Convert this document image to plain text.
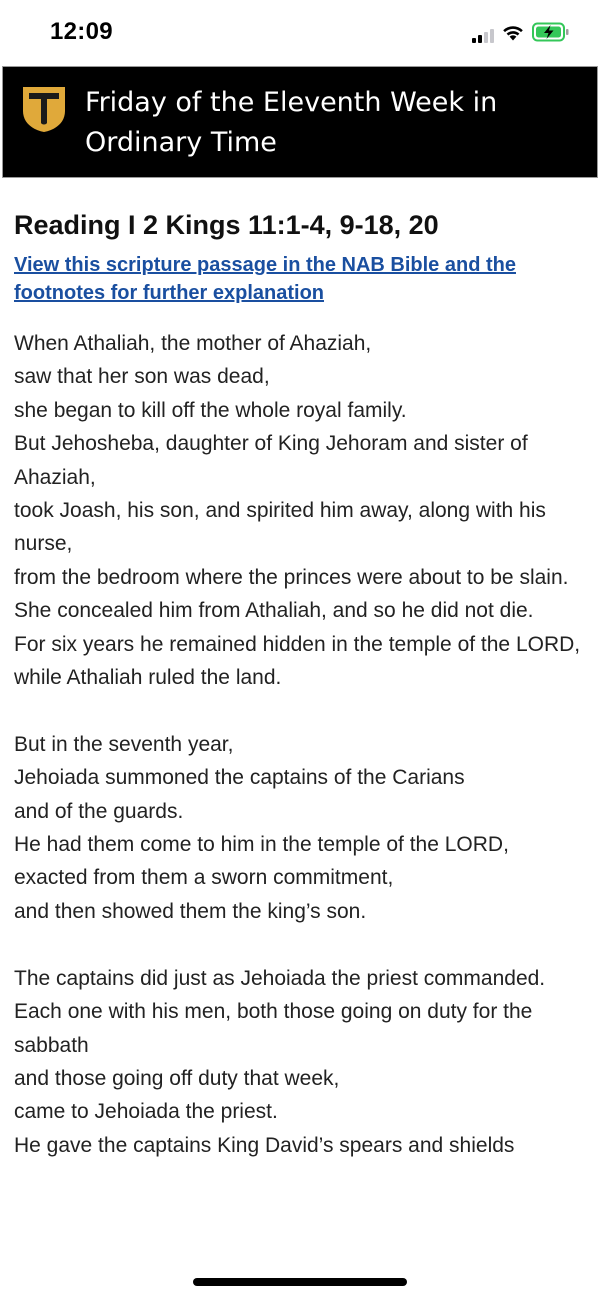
12:09
Friday of the Eleventh Week in Ordinary Time
Reading I 2 Kings 11:1-4, 9-18, 20
View this scripture passage in the NAB Bible and the footnotes for further explanation
When Athaliah, the mother of Ahaziah,
saw that her son was dead,
she began to kill off the whole royal family.
But Jehosheba, daughter of King Jehoram and sister of Ahaziah,
took Joash, his son, and spirited him away, along with his nurse,
from the bedroom where the princes were about to be slain.
She concealed him from Athaliah, and so he did not die.
For six years he remained hidden in the temple of the LORD,
while Athaliah ruled the land.
But in the seventh year,
Jehoiada summoned the captains of the Carians
and of the guards.
He had them come to him in the temple of the LORD,
exacted from them a sworn commitment,
and then showed them the king’s son.
The captains did just as Jehoiada the priest commanded.
Each one with his men, both those going on duty for the sabbath
and those going off duty that week,
came to Jehoiada the priest.
He gave the captains King David’s spears and shields
